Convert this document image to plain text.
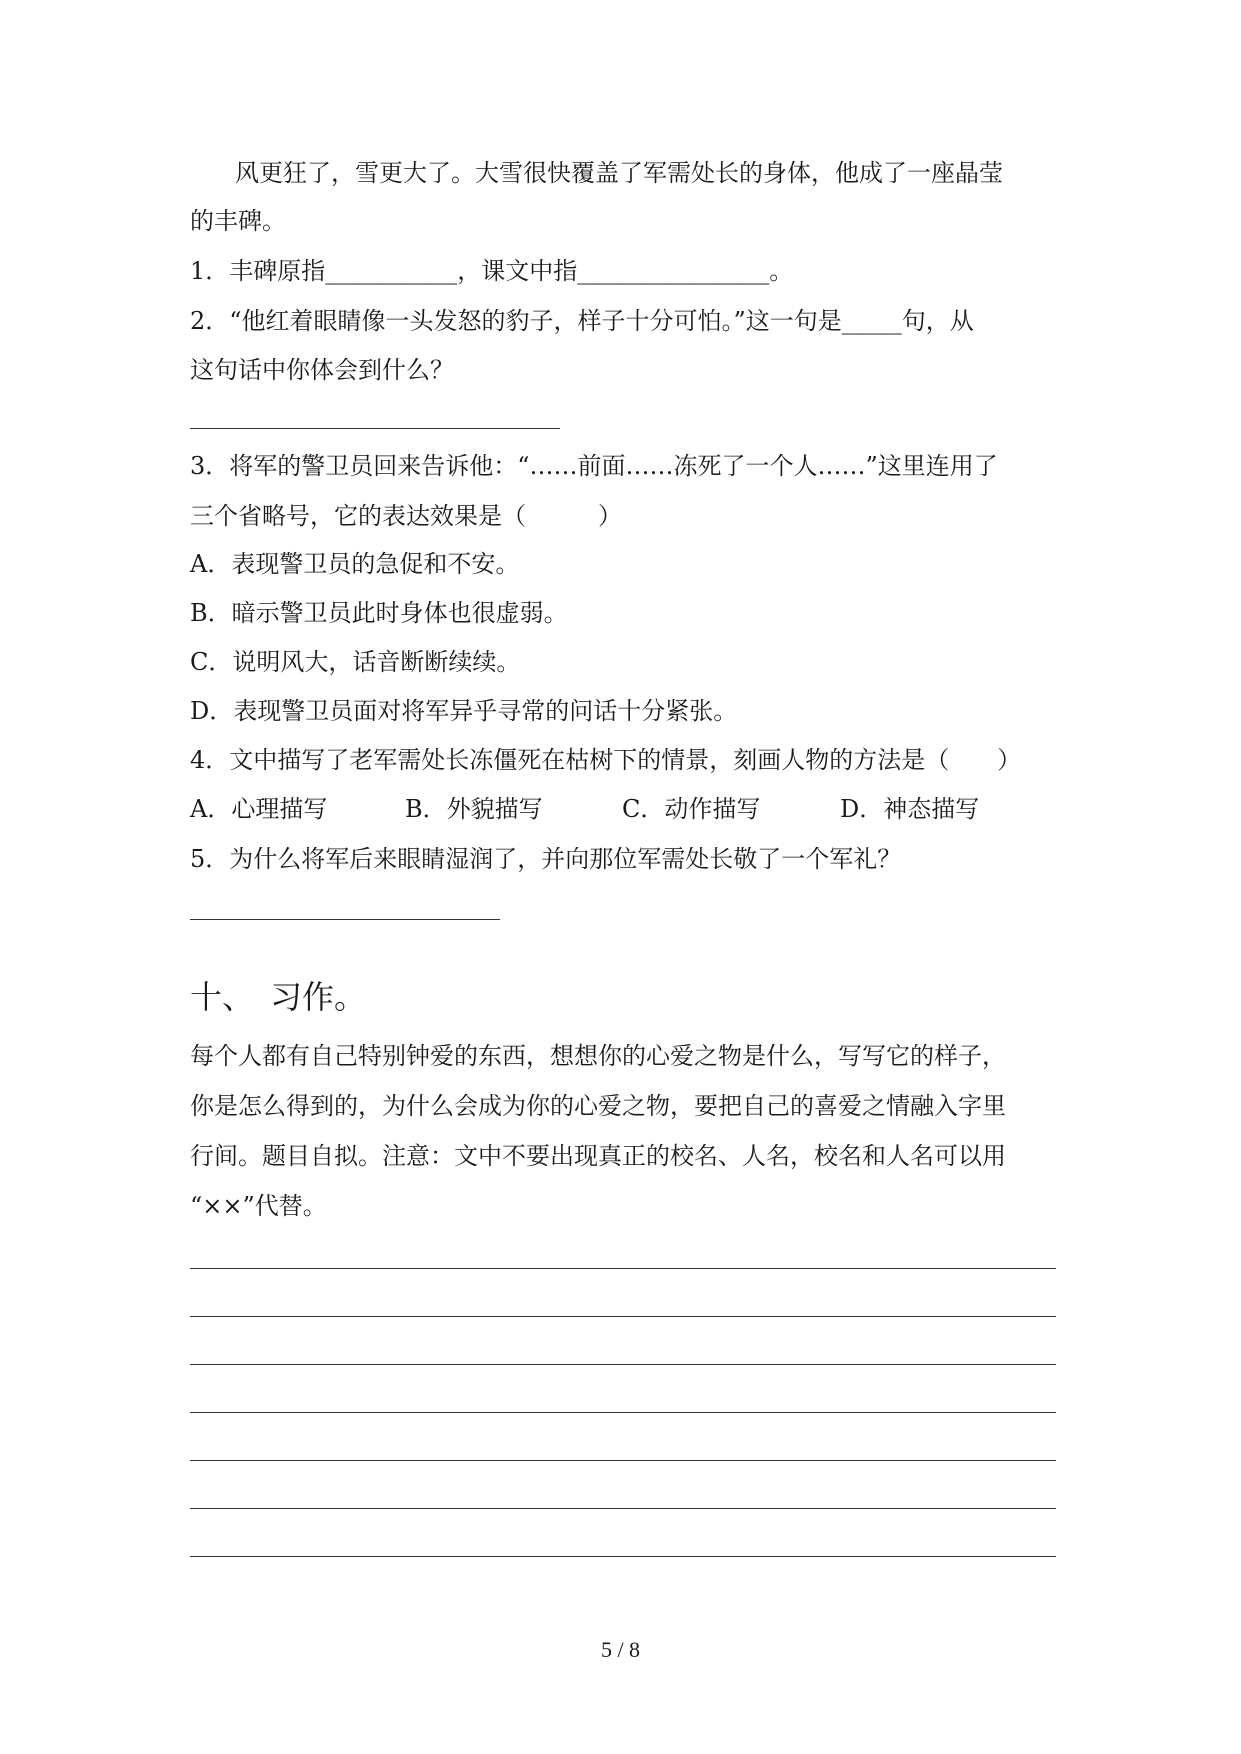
风更狂了，雪更大了。大雪很快覆盖了军需处长的身体，他成了一座晶莹
的丰碑。
1．丰碑原指___________，课文中指________________。
2．“他红着眼睛像一头发怒的豹子，样子十分可怕。”这一句是_____句，从
这句话中你体会到什么？
3．将军的警卫员回来告诉他：“……前面……冻死了一个人……”这里连用了
三个省略号，它的表达效果是（　　　）
A．表现警卫员的急促和不安。
B．暗示警卫员此时身体也很虚弱。
C．说明风大，话音断断续续。
D．表现警卫员面对将军异乎寻常的问话十分紧张。
4．文中描写了老军需处长冻僵死在枯树下的情景，刻画人物的方法是（　　）
A．心理描写	B．外貌描写	C．动作描写	D．神态描写
5．为什么将军后来眼睛湿润了，并向那位军需处长敬了一个军礼？
十、　习作。
每个人都有自己特别钟爱的东西，想想你的心爱之物是什么，写写它的样子，
你是怎么得到的，为什么会成为你的心爱之物，要把自己的喜爱之情融入字里
行间。题目自拟。注意：文中不要出现真正的校名、人名，校名和人名可以用
“××”代替。
5 / 8
